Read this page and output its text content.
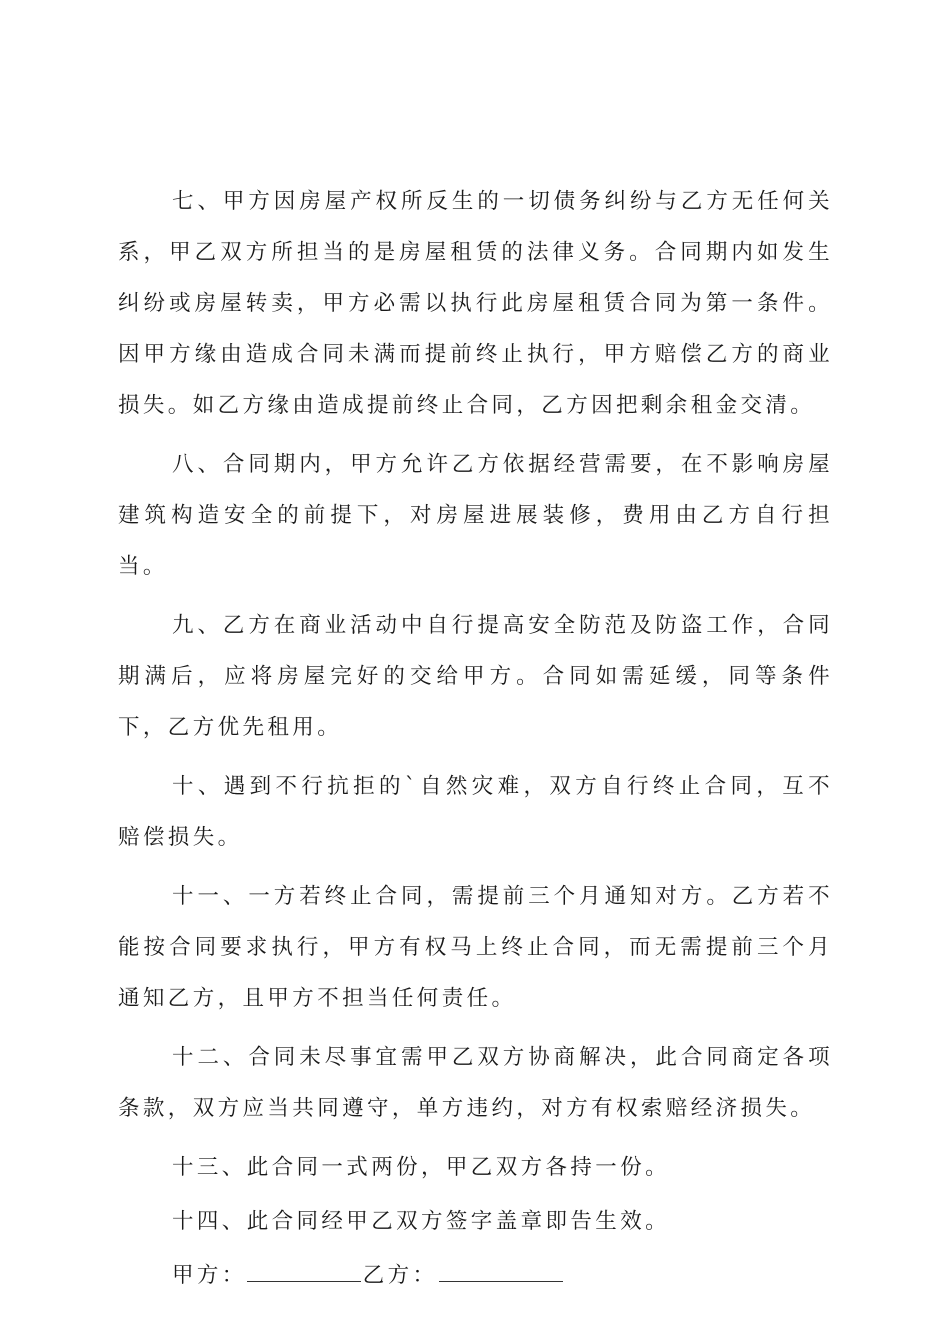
七、甲方因房屋产权所反生的一切债务纠纷与乙方无任何关系，甲乙双方所担当的是房屋租赁的法律义务。合同期内如发生纠纷或房屋转卖，甲方必需以执行此房屋租赁合同为第一条件。因甲方缘由造成合同未满而提前终止执行，甲方赔偿乙方的商业损失。如乙方缘由造成提前终止合同，乙方因把剩余租金交清。

八、合同期内，甲方允许乙方依据经营需要，在不影响房屋建筑构造安全的前提下，对房屋进展装修，费用由乙方自行担当。

九、乙方在商业活动中自行提高安全防范及防盗工作，合同期满后，应将房屋完好的交给甲方。合同如需延缓，同等条件下，乙方优先租用。

十、遇到不行抗拒的`自然灾难，双方自行终止合同，互不赔偿损失。

十一、一方若终止合同，需提前三个月通知对方。乙方若不能按合同要求执行，甲方有权马上终止合同，而无需提前三个月通知乙方，且甲方不担当任何责任。

十二、合同未尽事宜需甲乙双方协商解决，此合同商定各项条款，双方应当共同遵守，单方违约，对方有权索赔经济损失。

十三、此合同一式两份，甲乙双方各持一份。

十四、此合同经甲乙双方签字盖章即告生效。

甲方：	乙方：
